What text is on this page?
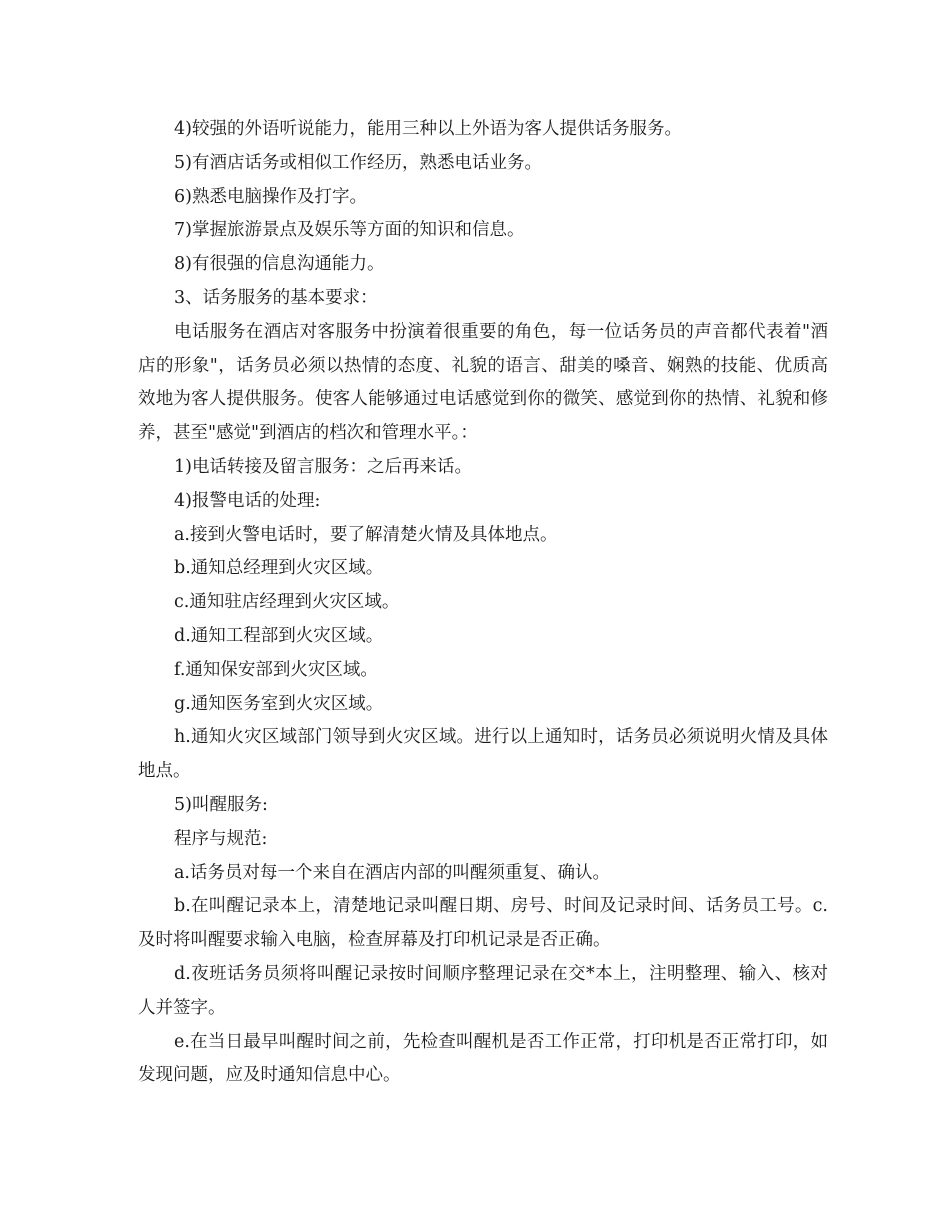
4)较强的外语听说能力，能用三种以上外语为客人提供话务服务。

5)有酒店话务或相似工作经历，熟悉电话业务。

6)熟悉电脑操作及打字。

7)掌握旅游景点及娱乐等方面的知识和信息。

8)有很强的信息沟通能力。

3、话务服务的基本要求：

电话服务在酒店对客服务中扮演着很重要的角色，每一位话务员的声音都代表着"酒店的形象"，话务员必须以热情的态度、礼貌的语言、甜美的嗓音、娴熟的技能、优质高效地为客人提供服务。使客人能够通过电话感觉到你的微笑、感觉到你的热情、礼貌和修养，甚至"感觉"到酒店的档次和管理水平。：

1)电话转接及留言服务：之后再来话。

4)报警电话的处理:

a.接到火警电话时，要了解清楚火情及具体地点。

b.通知总经理到火灾区域。

c.通知驻店经理到火灾区域。

d.通知工程部到火灾区域。

f.通知保安部到火灾区域。

g.通知医务室到火灾区域。

h.通知火灾区域部门领导到火灾区域。进行以上通知时，话务员必须说明火情及具体地点。

5)叫醒服务:

程序与规范:

a.话务员对每一个来自在酒店内部的叫醒须重复、确认。

b.在叫醒记录本上，清楚地记录叫醒日期、房号、时间及记录时间、话务员工号。c.及时将叫醒要求输入电脑，检查屏幕及打印机记录是否正确。

d.夜班话务员须将叫醒记录按时间顺序整理记录在交*本上，注明整理、输入、核对人并签字。

e.在当日最早叫醒时间之前，先检查叫醒机是否工作正常，打印机是否正常打印，如发现问题，应及时通知信息中心。
